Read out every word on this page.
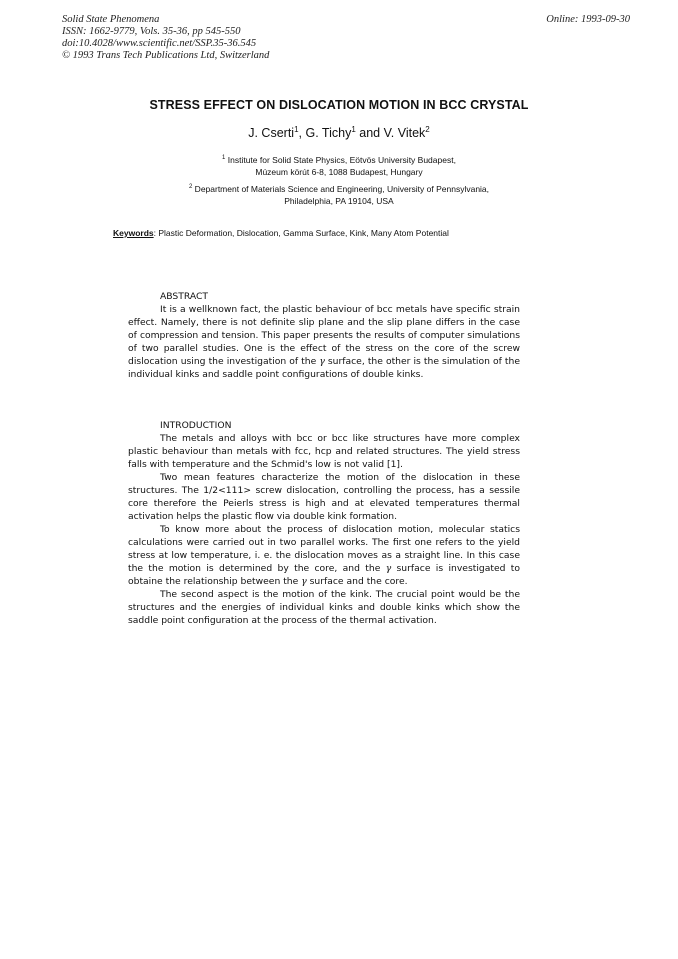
Solid State Phenomena
ISSN: 1662-9779, Vols. 35-36, pp 545-550
doi:10.4028/www.scientific.net/SSP.35-36.545
© 1993 Trans Tech Publications Ltd, Switzerland
Online: 1993-09-30
STRESS EFFECT ON DISLOCATION MOTION IN BCC CRYSTAL
J. Cserti$^1$, G. Tichy$^1$ and V. Vitek$^2$
$^1$ Institute for Solid State Physics, Eötvös University Budapest,
Múzeum körút 6-8, 1088 Budapest, Hungary
$^2$ Department of Materials Science and Engineering, University of Pennsylvania,
Philadelphia, PA 19104, USA
Keywords: Plastic Deformation, Dislocation, Gamma Surface, Kink, Many Atom Potential
ABSTRACT

It is a wellknown fact, the plastic behaviour of bcc metals have specific strain effect. Namely, there is not definite slip plane and the slip plane differs in the case of compression and tension. This paper presents the results of computer simulations of two parallel studies. One is the effect of the stress on the core of the screw dislocation using the investigation of the γ surface, the other is the simulation of the individual kinks and saddle point configurations of double kinks.

INTRODUCTION

The metals and alloys with bcc or bcc like structures have more complex plastic behaviour than metals with fcc, hcp and related structures. The yield stress falls with temperature and the Schmid's low is not valid [1].

Two mean features characterize the motion of the dislocation in these structures. The 1/2<111> screw dislocation, controlling the process, has a sessile core therefore the Peierls stress is high and at elevated temperatures thermal activation helps the plastic flow via double kink formation.

To know more about the process of dislocation motion, molecular statics calculations were carried out in two parallel works. The first one refers to the yield stress at low temperature, i. e. the dislocation moves as a straight line. In this case the the motion is determined by the core, and the γ surface is investigated to obtaine the relationship between the γ surface and the core.

The second aspect is the motion of the kink. The crucial point would be the structures and the energies of individual kinks and double kinks which show the saddle point configuration at the process of the thermal activation.
